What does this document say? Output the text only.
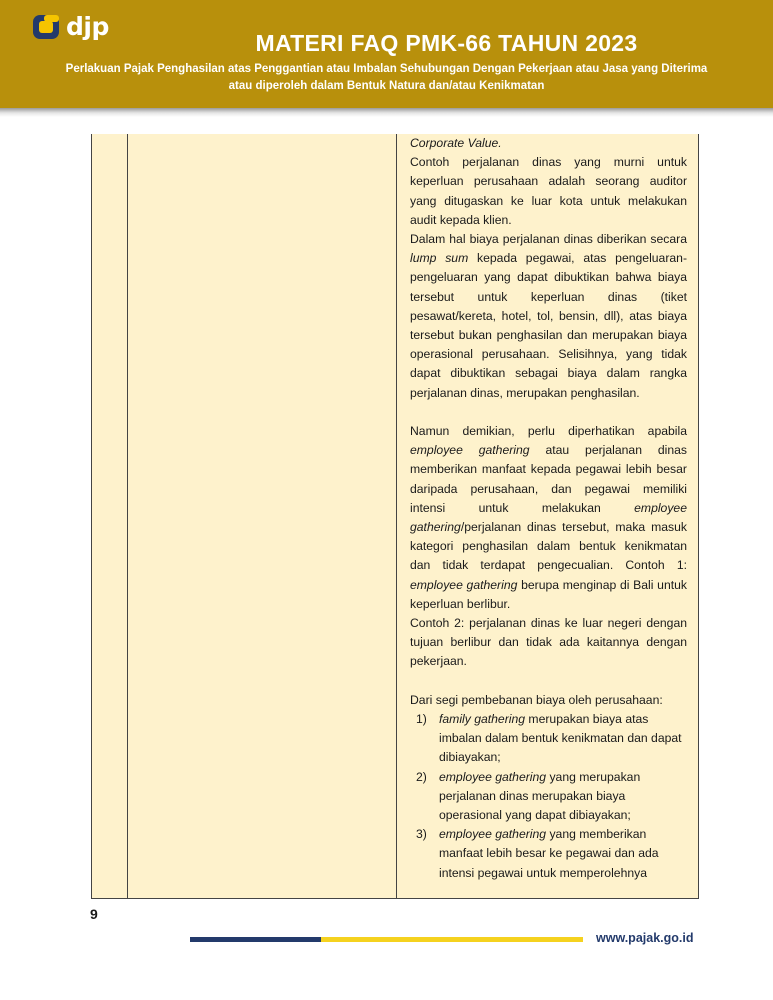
djp
MATERI FAQ PMK-66 TAHUN 2023
Perlakuan Pajak Penghasilan atas Penggantian atau Imbalan Sehubungan Dengan Pekerjaan atau Jasa yang Diterima
atau diperoleh dalam Bentuk Natura dan/atau Kenikmatan

Corporate Value.

Contoh perjalanan dinas yang murni untuk keperluan perusahaan adalah seorang auditor yang ditugaskan ke luar kota untuk melakukan audit kepada klien.

Dalam hal biaya perjalanan dinas diberikan secara lump sum kepada pegawai, atas pengeluaran-pengeluaran yang dapat dibuktikan bahwa biaya tersebut untuk keperluan dinas (tiket pesawat/kereta, hotel, tol, bensin, dll), atas biaya tersebut bukan penghasilan dan merupakan biaya operasional perusahaan. Selisihnya, yang tidak dapat dibuktikan sebagai biaya dalam rangka perjalanan dinas, merupakan penghasilan.

Namun demikian, perlu diperhatikan apabila employee gathering atau perjalanan dinas memberikan manfaat kepada pegawai lebih besar daripada perusahaan, dan pegawai memiliki intensi untuk melakukan employee gathering/perjalanan dinas tersebut, maka masuk kategori penghasilan dalam bentuk kenikmatan dan tidak terdapat pengecualian. Contoh 1: employee gathering berupa menginap di Bali untuk keperluan berlibur.

Contoh 2: perjalanan dinas ke luar negeri dengan tujuan berlibur dan tidak ada kaitannya dengan pekerjaan.

Dari segi pembebanan biaya oleh perusahaan:

1) family gathering merupakan biaya atas imbalan dalam bentuk kenikmatan dan dapat dibiayakan;
2) employee gathering yang merupakan perjalanan dinas merupakan biaya operasional yang dapat dibiayakan;
3) employee gathering yang memberikan manfaat lebih besar ke pegawai dan ada intensi pegawai untuk memperolehnya
9
www.pajak.go.id
